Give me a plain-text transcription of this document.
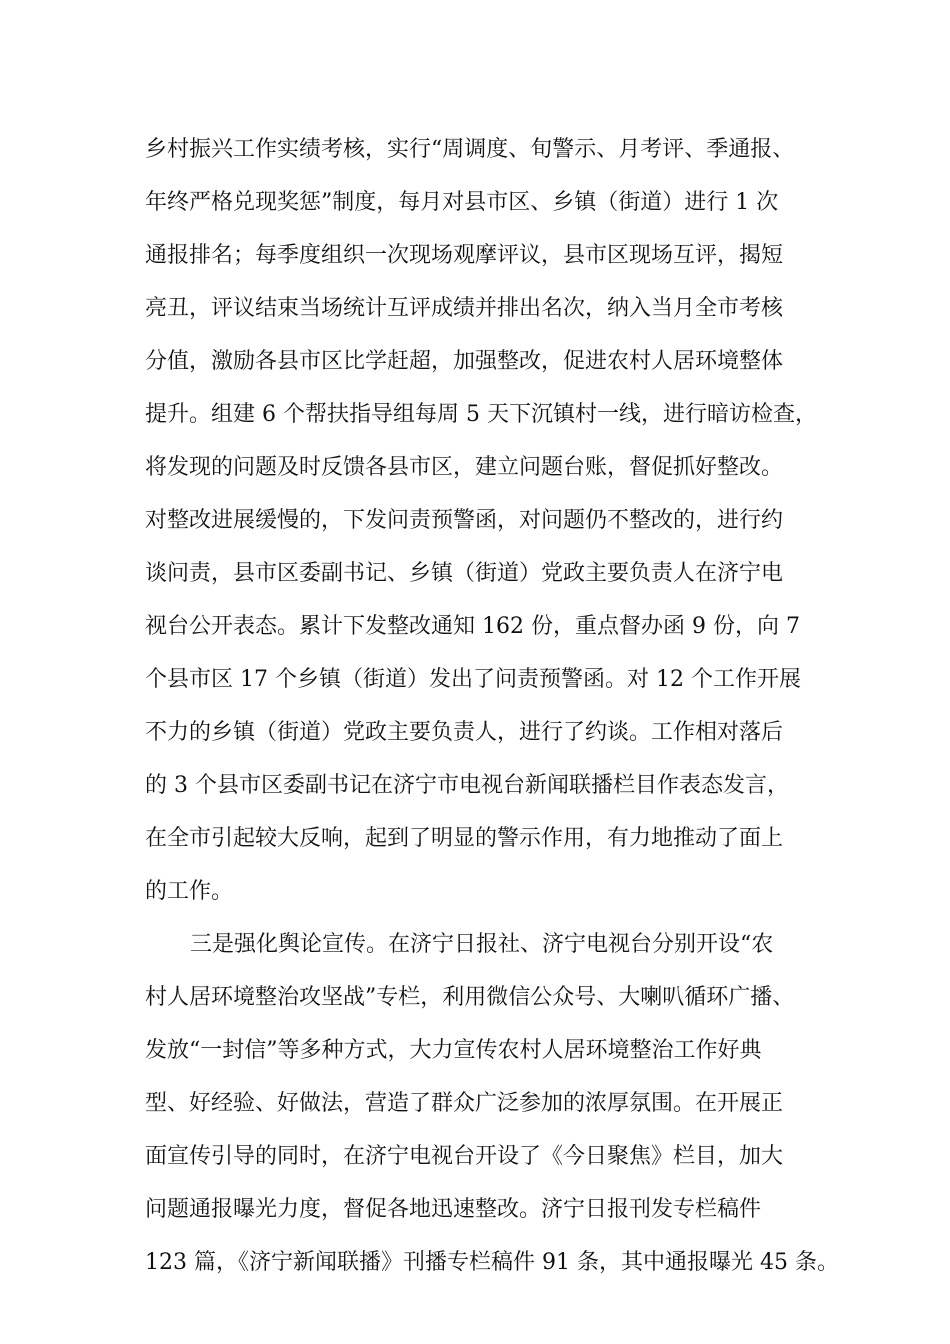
乡村振兴工作实绩考核，实行“周调度、旬警示、月考评、季通报、
年终严格兑现奖惩”制度，每月对县市区、乡镇（街道）进行 1 次
通报排名；每季度组织一次现场观摩评议，县市区现场互评，揭短
亮丑，评议结束当场统计互评成绩并排出名次，纳入当月全市考核
分值，激励各县市区比学赶超，加强整改，促进农村人居环境整体
提升。组建 6 个帮扶指导组每周 5 天下沉镇村一线，进行暗访检查，
将发现的问题及时反馈各县市区，建立问题台账，督促抓好整改。
对整改进展缓慢的，下发问责预警函，对问题仍不整改的，进行约
谈问责，县市区委副书记、乡镇（街道）党政主要负责人在济宁电
视台公开表态。累计下发整改通知 162 份，重点督办函 9 份，向 7
个县市区 17 个乡镇（街道）发出了问责预警函。对 12 个工作开展
不力的乡镇（街道）党政主要负责人，进行了约谈。工作相对落后
的 3 个县市区委副书记在济宁市电视台新闻联播栏目作表态发言，
在全市引起较大反响，起到了明显的警示作用，有力地推动了面上
的工作。
三是强化舆论宣传。在济宁日报社、济宁电视台分别开设“农
村人居环境整治攻坚战”专栏，利用微信公众号、大喇叭循环广播、
发放“一封信”等多种方式，大力宣传农村人居环境整治工作好典
型、好经验、好做法，营造了群众广泛参加的浓厚氛围。在开展正
面宣传引导的同时，在济宁电视台开设了《今日聚焦》栏目，加大
问题通报曝光力度，督促各地迅速整改。济宁日报刊发专栏稿件
123 篇，《济宁新闻联播》刊播专栏稿件 91 条，其中通报曝光 45 条。
